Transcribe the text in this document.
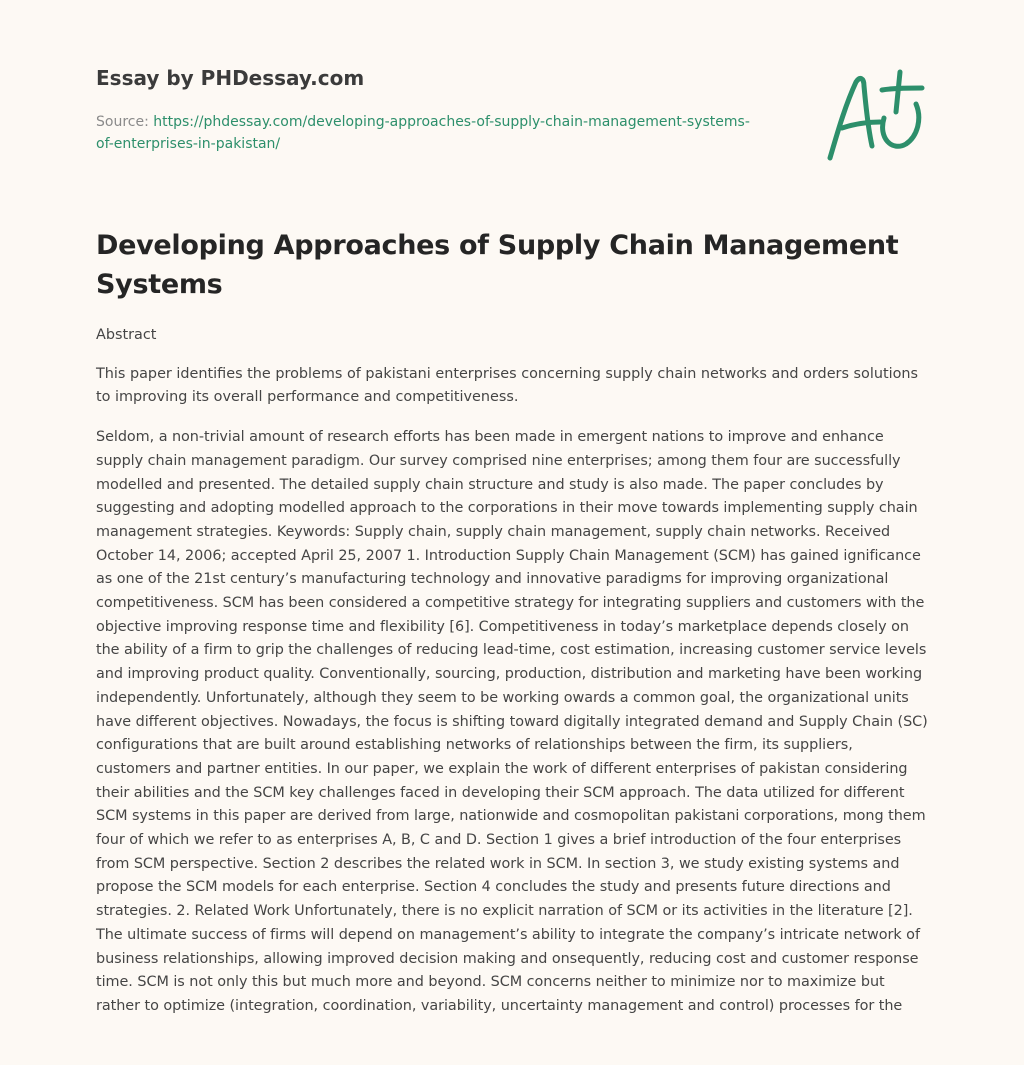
Essay by PHDessay.com
Source: https://phdessay.com/developing-approaches-of-supply-chain-management-systems-of-enterprises-in-pakistan/
Developing Approaches of Supply Chain Management Systems

Abstract

This paper identifies the problems of pakistani enterprises concerning supply chain networks and orders solutions to improving its overall performance and competitiveness.

Seldom, a non-trivial amount of research efforts has been made in emergent nations to improve and enhance supply chain management paradigm. Our survey comprised nine enterprises; among them four are successfully modelled and presented. The detailed supply chain structure and study is also made. The paper concludes by suggesting and adopting modelled approach to the corporations in their move towards implementing supply chain management strategies. Keywords: Supply chain, supply chain management, supply chain networks. Received October 14, 2006; accepted April 25, 2007 1. Introduction Supply Chain Management (SCM) has gained ignificance as one of the 21st century’s manufacturing technology and innovative paradigms for improving organizational competitiveness. SCM has been considered a competitive strategy for integrating suppliers and customers with the objective improving response time and flexibility [6]. Competitiveness in today’s marketplace depends closely on the ability of a firm to grip the challenges of reducing lead-time, cost estimation, increasing customer service levels and improving product quality. Conventionally, sourcing, production, distribution and marketing have been working independently. Unfortunately, although they seem to be working owards a common goal, the organizational units have different objectives. Nowadays, the focus is shifting toward digitally integrated demand and Supply Chain (SC) configurations that are built around establishing networks of relationships between the firm, its suppliers, customers and partner entities. In our paper, we explain the work of different enterprises of pakistan considering their abilities and the SCM key challenges faced in developing their SCM approach. The data utilized for different SCM systems in this paper are derived from large, nationwide and cosmopolitan pakistani corporations, mong them four of which we refer to as enterprises A, B, C and D. Section 1 gives a brief introduction of the four enterprises from SCM perspective. Section 2 describes the related work in SCM. In section 3, we study existing systems and propose the SCM models for each enterprise. Section 4 concludes the study and presents future directions and strategies. 2. Related Work Unfortunately, there is no explicit narration of SCM or its activities in the literature [2]. The ultimate success of firms will depend on management’s ability to integrate the company’s intricate network of business relationships, allowing improved decision making and onsequently, reducing cost and customer response time. SCM is not only this but much more and beyond. SCM concerns neither to minimize nor to maximize but rather to optimize (integration, coordination, variability, uncertainty management and control) processes for the
